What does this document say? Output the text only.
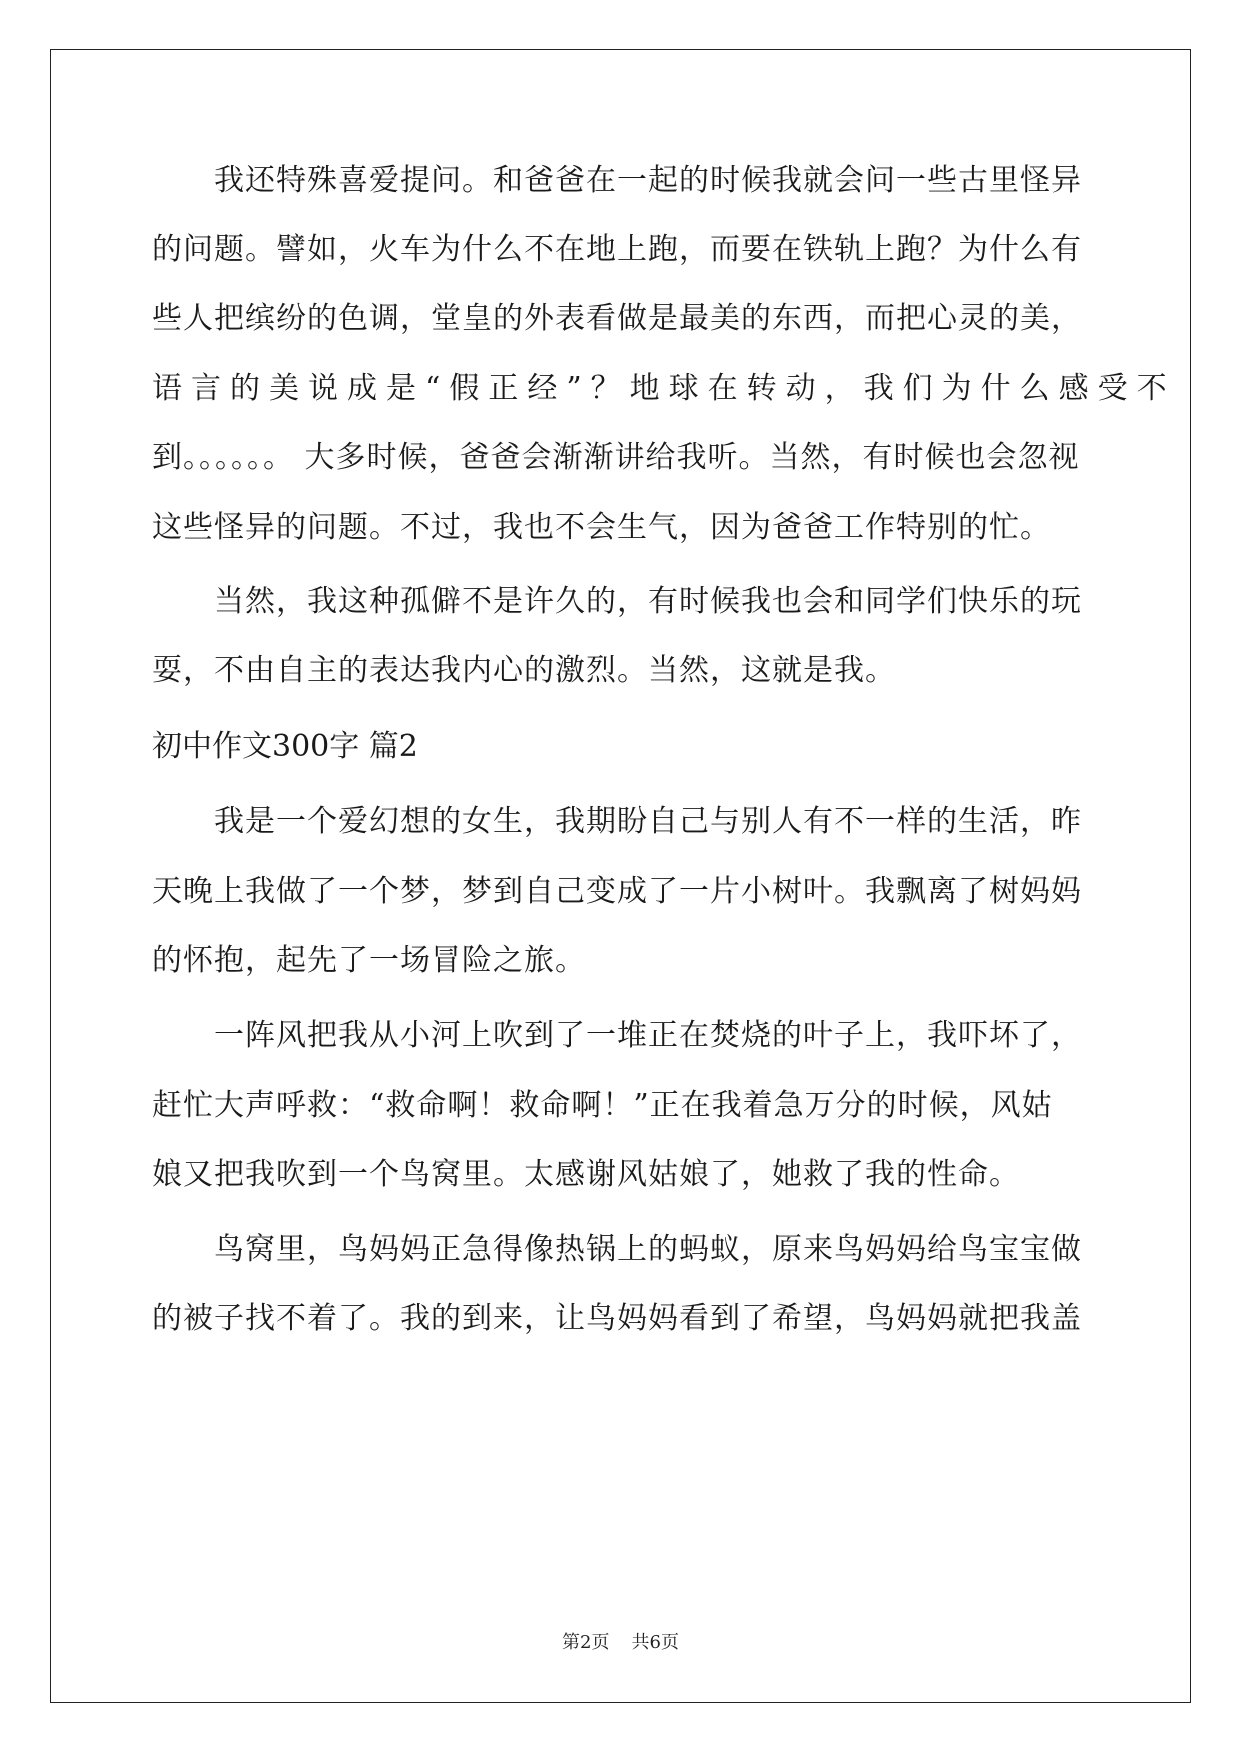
我还特殊喜爱提问。和爸爸在一起的时候我就会问一些古里怪异

的问题。譬如，火车为什么不在地上跑，而要在铁轨上跑？为什么有

些人把缤纷的色调，堂皇的外表看做是最美的东西，而把心灵的美，

语言的美说成是“假正经”？地球在转动，我们为什么感受不

到。。。。。。 大多时候，爸爸会渐渐讲给我听。当然，有时候也会忽视

这些怪异的问题。不过，我也不会生气，因为爸爸工作特别的忙。

当然，我这种孤僻不是许久的，有时候我也会和同学们快乐的玩

耍，不由自主的表达我内心的激烈。当然，这就是我。

初中作文300字 篇2

我是一个爱幻想的女生，我期盼自己与别人有不一样的生活，昨

天晚上我做了一个梦，梦到自己变成了一片小树叶。我飘离了树妈妈

的怀抱，起先了一场冒险之旅。

一阵风把我从小河上吹到了一堆正在焚烧的叶子上，我吓坏了，

赶忙大声呼救：“救命啊！救命啊！”正在我着急万分的时候，风姑

娘又把我吹到一个鸟窝里。太感谢风姑娘了，她救了我的性命。

鸟窝里，鸟妈妈正急得像热锅上的蚂蚁，原来鸟妈妈给鸟宝宝做

的被子找不着了。我的到来，让鸟妈妈看到了希望，鸟妈妈就把我盖

第2页 共6页
